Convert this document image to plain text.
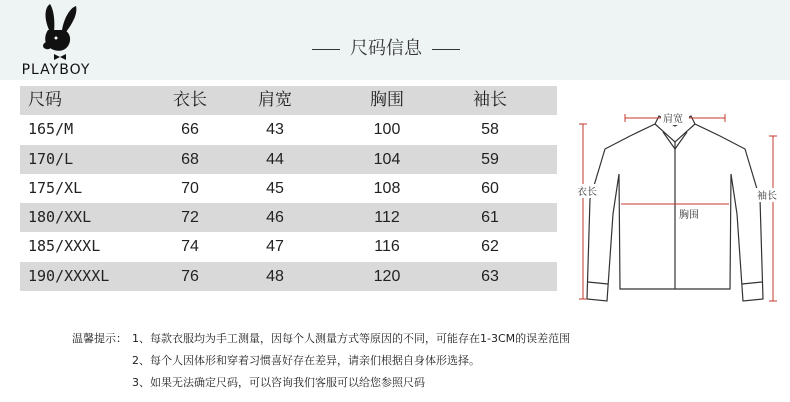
PLAYBOY
尺码信息
尺码	衣长	肩宽	胸围	袖长
165/M	66	43	100	58
170/L	68	44	104	59
175/XL	70	45	108	60
180/XXL	72	46	112	61
185/XXXL	74	47	116	62
190/XXXXL	76	48	120	63
肩宽
衣长	袖长
胸围
温馨提示： 1、每款衣服均为手工测量，因每个人测量方式等原因的不同，可能存在1-3CM的误差范围
2、每个人因体形和穿着习惯喜好存在差异，请亲们根据自身体形选择。
3、如果无法确定尺码，可以咨询我们客服可以给您参照尺码
